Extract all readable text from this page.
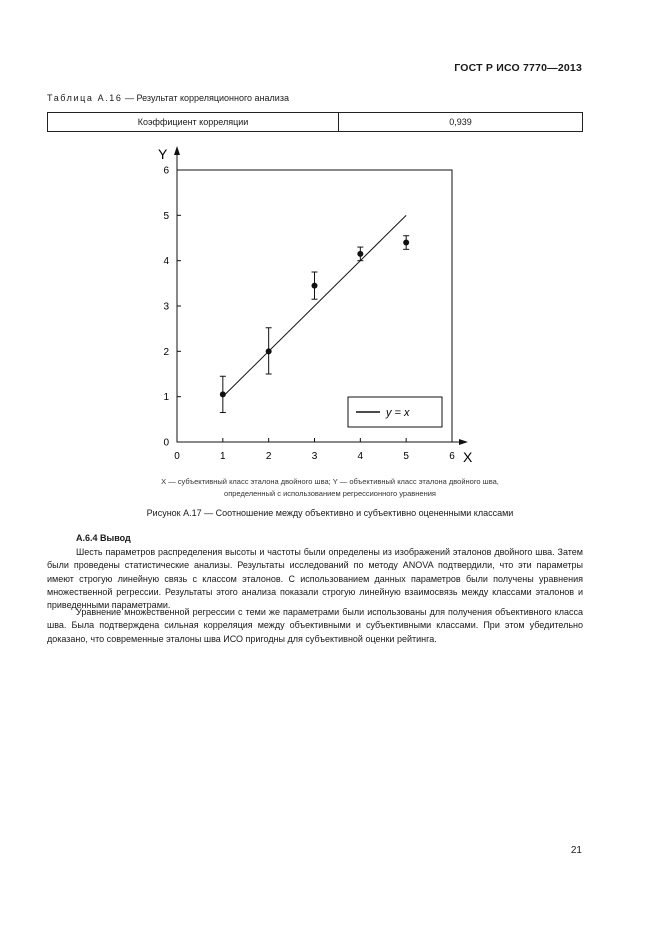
ГОСТ Р ИСО 7770—2013
Таблица А.16 — Результат корреляционного анализа
Коэффициент корреляции	0,939
Y
X
0
1
2
3
4
5
6
0	1	2	3	4	5	6
y = x
X — субъективный класс эталона двойного шва; Y — объективный класс эталона двойного шва,
определенный с использованием регрессионного уравнения
Рисунок А.17 — Соотношение между объективно и субъективно оцененными классами
А.6.4 Вывод

Шесть параметров распределения высоты и частоты были определены из изображений эталонов двойного шва. Затем были проведены статистические анализы. Результаты исследований по методу ANOVA подтвердили, что эти параметры имеют строгую линейную связь с классом эталонов. С использованием данных параметров были получены уравнения множественной регрессии. Результаты этого анализа показали строгую линейную взаимосвязь между классами эталонов и приведенными параметрами.

Уравнение множественной регрессии с теми же параметрами были использованы для получения объективного класса шва. Была подтверждена сильная корреляция между объективными и субъективными классами. При этом убедительно доказано, что современные эталоны шва ИСО пригодны для субъективной оценки рейтинга.

21
